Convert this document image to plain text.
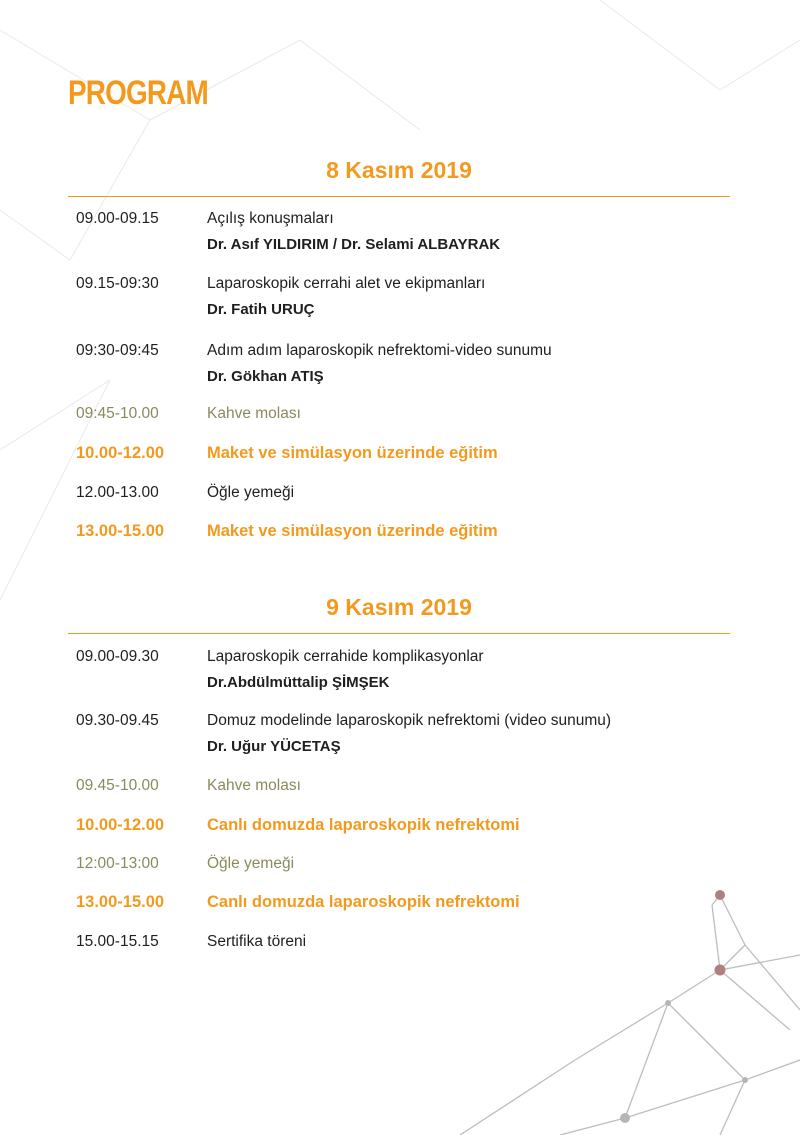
PROGRAM
8 Kasım 2019
09.00-09.15	Açılış konuşmaları
Dr. Asıf YILDIRIM / Dr. Selami ALBAYRAK
09.15-09:30	Laparoskopik cerrahi alet ve ekipmanları
Dr. Fatih URUÇ
09:30-09:45	Adım adım laparoskopik nefrektomi-video sunumu
Dr. Gökhan ATIŞ
09:45-10.00	Kahve molası
10.00-12.00	Maket ve simülasyon üzerinde eğitim
12.00-13.00	Öğle yemeği
13.00-15.00	Maket ve simülasyon üzerinde eğitim
9 Kasım 2019
09.00-09.30	Laparoskopik cerrahide komplikasyonlar
Dr.Abdülmüttalip ŞİMŞEK
09.30-09.45	Domuz modelinde laparoskopik nefrektomi (video sunumu)
Dr. Uğur YÜCETAŞ
09.45-10.00	Kahve molası
10.00-12.00	Canlı domuzda laparoskopik nefrektomi
12:00-13:00	Öğle yemeği
13.00-15.00	Canlı domuzda laparoskopik nefrektomi
15.00-15.15	Sertifika töreni
